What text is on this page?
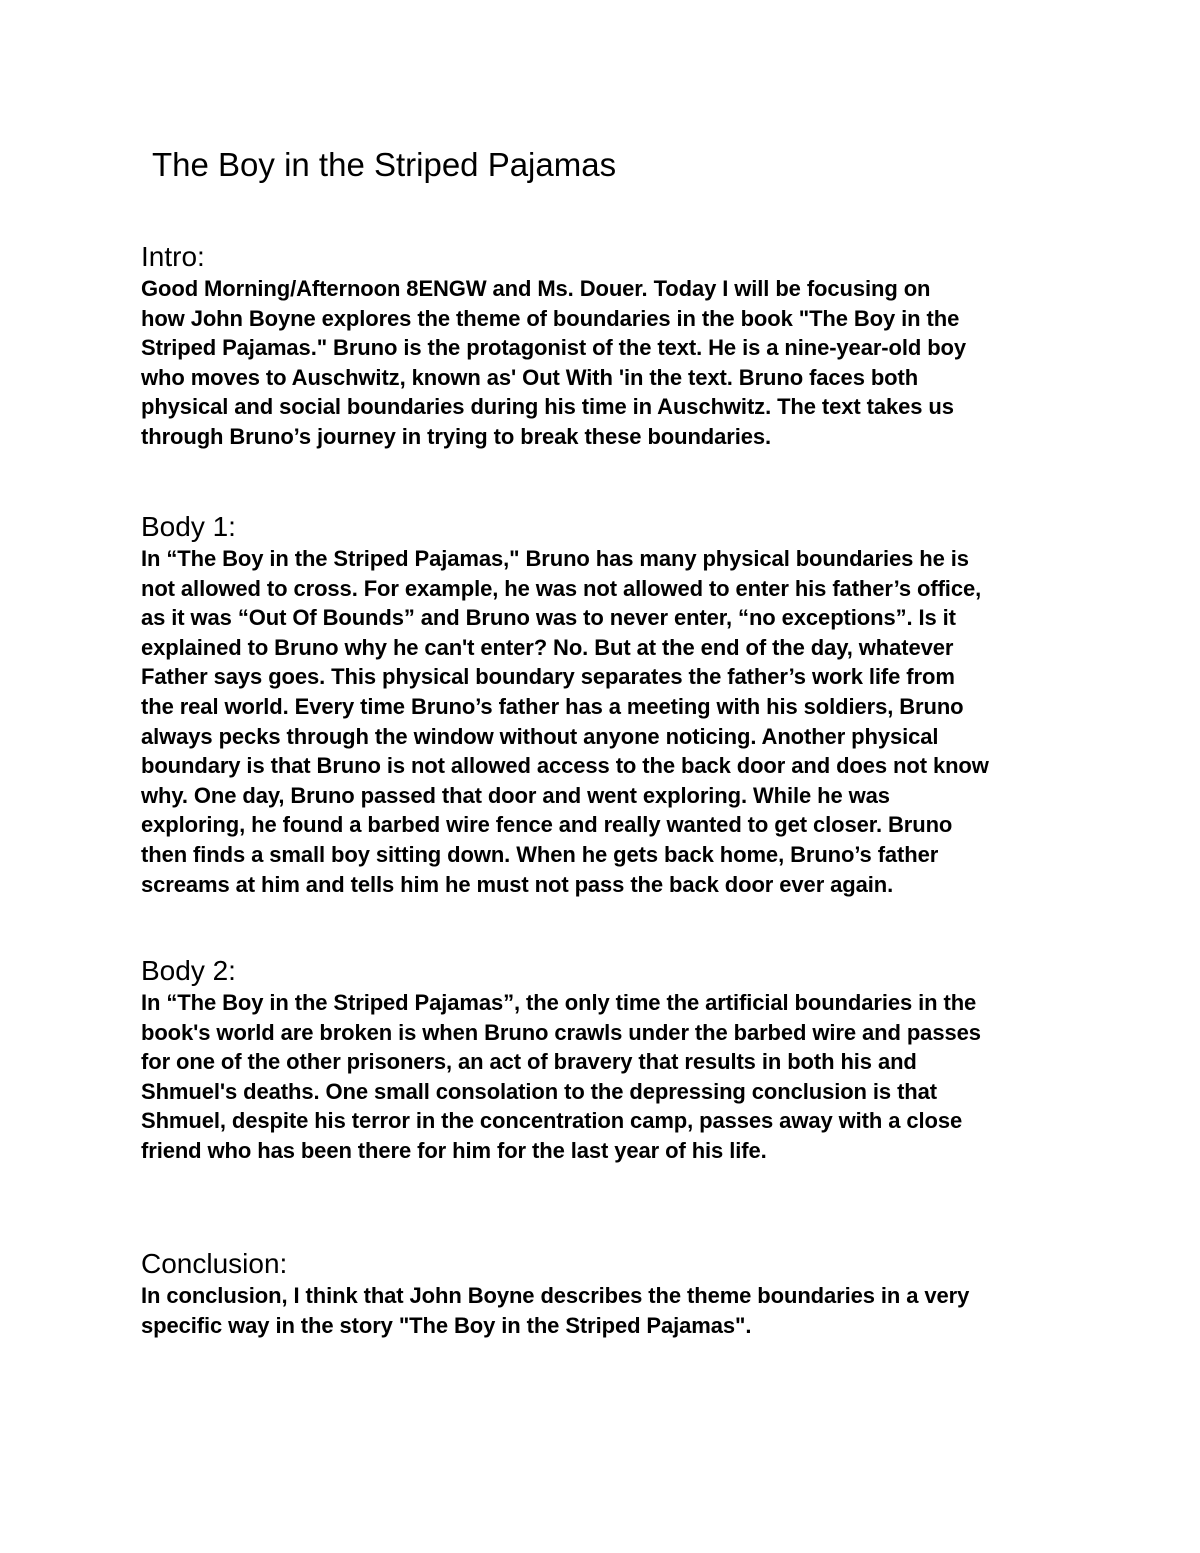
The Boy in the Striped Pajamas
Intro:

Good Morning/Afternoon 8ENGW and Ms. Douer. Today I will be focusing on
how John Boyne explores the theme of boundaries in the book "The Boy in the
Striped Pajamas." Bruno is the protagonist of the text. He is a nine-year-old boy
who moves to Auschwitz, known as' Out With 'in the text. Bruno faces both
physical and social boundaries during his time in Auschwitz. The text takes us
through Bruno’s journey in trying to break these boundaries.

Body 1:

In “The Boy in the Striped Pajamas," Bruno has many physical boundaries he is
not allowed to cross. For example, he was not allowed to enter his father’s office,
as it was “Out Of Bounds” and Bruno was to never enter, “no exceptions”. Is it
explained to Bruno why he can't enter? No. But at the end of the day, whatever
Father says goes. This physical boundary separates the father’s work life from
the real world. Every time Bruno’s father has a meeting with his soldiers, Bruno
always pecks through the window without anyone noticing. Another physical
boundary is that Bruno is not allowed access to the back door and does not know
why. One day, Bruno passed that door and went exploring. While he was
exploring, he found a barbed wire fence and really wanted to get closer. Bruno
then finds a small boy sitting down. When he gets back home, Bruno’s father
screams at him and tells him he must not pass the back door ever again.

Body 2:

In “The Boy in the Striped Pajamas”, the only time the artificial boundaries in the
book's world are broken is when Bruno crawls under the barbed wire and passes
for one of the other prisoners, an act of bravery that results in both his and
Shmuel's deaths. One small consolation to the depressing conclusion is that
Shmuel, despite his terror in the concentration camp, passes away with a close
friend who has been there for him for the last year of his life.

Conclusion:

In conclusion, I think that John Boyne describes the theme boundaries in a very
specific way in the story "The Boy in the Striped Pajamas".
